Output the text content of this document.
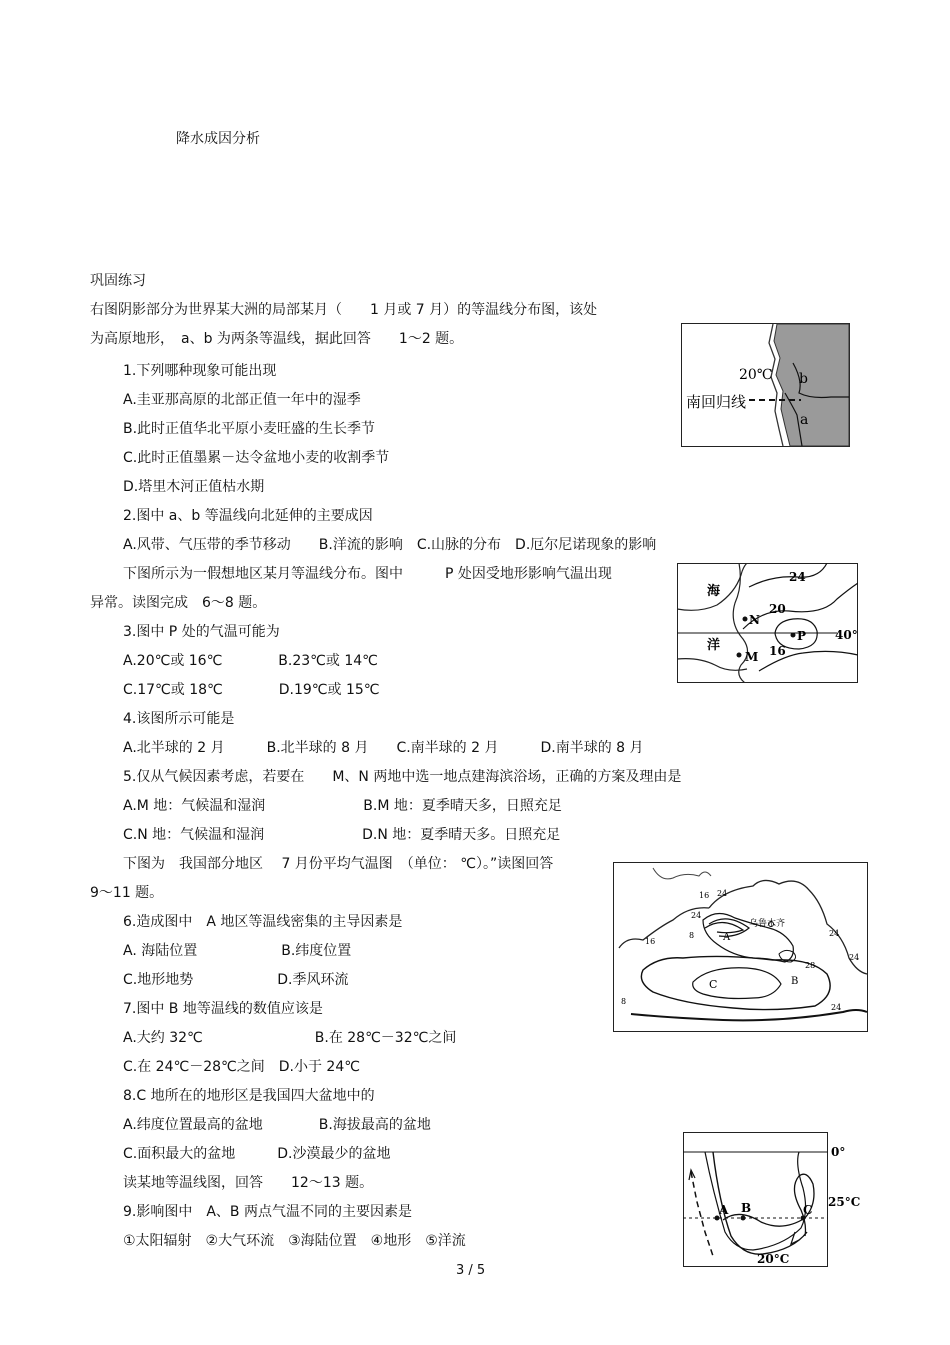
降水成因分析
巩固练习
右图阴影部分为世界某大洲的局部某月（　　1 月或 7 月）的等温线分布图，该处
为高原地形，　a、b 为两条等温线，据此回答　　1～2 题。
1.下列哪种现象可能出现
A.圭亚那高原的北部正值一年中的湿季
B.此时正值华北平原小麦旺盛的生长季节
C.此时正值墨累－达令盆地小麦的收割季节
D.塔里木河正值枯水期
2.图中 a、b 等温线向北延伸的主要成因
A.风带、气压带的季节移动　　B.洋流的影响　C.山脉的分布　D.厄尔尼诺现象的影响
下图所示为一假想地区某月等温线分布。图中　　　P 处因受地形影响气温出现
异常。读图完成　6～8 题。
3.图中 P 处的气温可能为
A.20℃或 16℃　　　　B.23℃或 14℃
C.17℃或 18℃　　　　D.19℃或 15℃
4.该图所示可能是
A.北半球的 2 月　　　B.北半球的 8 月　　C.南半球的 2 月　　　D.南半球的 8 月
5.仅从气候因素考虑，若要在　　M、N 两地中选一地点建海滨浴场，正确的方案及理由是
A.M 地：气候温和湿润　　　　　　　B.M 地：夏季晴天多，日照充足
C.N 地：气候温和湿润　　　　　　　D.N 地：夏季晴天多。日照充足
下图为　我国部分地区　 7 月份平均气温图　（单位： ℃）。”读图回答
9～11 题。
6.造成图中　A 地区等温线密集的主导因素是
A. 海陆位置　　　　　　B.纬度位置
C.地形地势　　　　　　D.季风环流
7.图中 B 地等温线的数值应该是
A.大约 32℃　　　　　　　　B.在 28℃－32℃之间
C.在 24℃－28℃之间　D.小于 24℃
8.C 地所在的地形区是我国四大盆地中的
A.纬度位置最高的盆地　　　　B.海拔最高的盆地
C.面积最大的盆地　　　D.沙漠最少的盆地
读某地等温线图，回答　　12～13 题。
9.影响图中　A、B 两点气温不同的主要因素是
①太阳辐射　②大气环流　③海陆位置　④地形　⑤洋流
3 / 5
20℃
南回归线
b
a
海
洋
24
20
16
40°
N
M
P
乌鲁木齐
A
B
C
16
24
8
16
24
28
24
24
8
24
A B	C
0°
25°C
20°C
